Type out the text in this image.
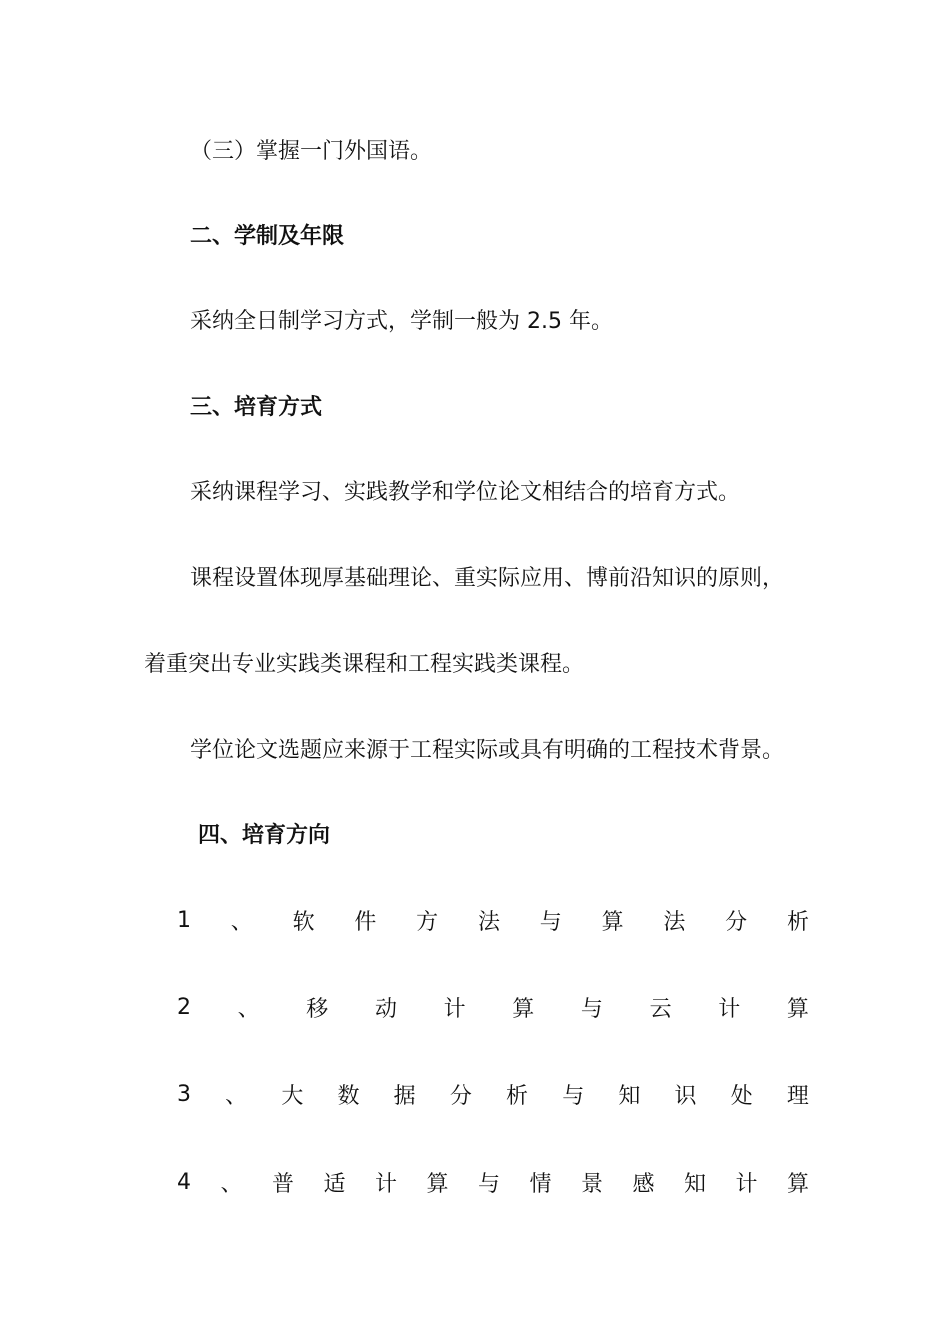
（三）掌握一门外国语。
二、学制及年限
采纳全日制学习方式，学制一般为 2.5 年。
三、培育方式
采纳课程学习、实践教学和学位论文相结合的培育方式。
课程设置体现厚基础理论、重实际应用、博前沿知识的原则，
着重突出专业实践类课程和工程实践类课程。
学位论文选题应来源于工程实际或具有明确的工程技术背景。
四、培育方向
1 、 软 件 方 法 与 算 法 分 析
2 、 移 动 计 算 与 云 计 算
3 、 大 数 据 分 析 与 知 识 处 理
4 、 普 适 计 算 与 情 景 感 知 计 算
